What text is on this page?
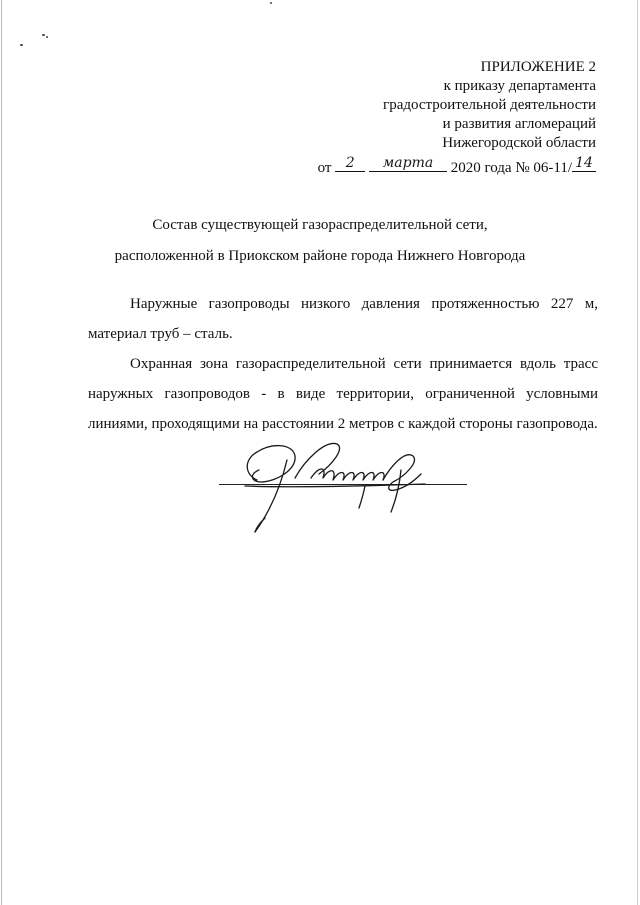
ПРИЛОЖЕНИЕ 2
к приказу департамента
градостроительной деятельности
и развития агломераций
Нижегородской области
от	2
	марта	2020 года № 06-11/ 14
Состав существующей газораспределительной сети,
расположенной в Приокском районе города Нижнего Новгорода

Наружные газопроводы низкого давления протяженностью 227 м, материал труб – сталь.

Охранная зона газораспределительной сети принимается вдоль трасс наружных газопроводов - в виде территории, ограниченной условными линиями, проходящими на расстоянии 2 метров с каждой стороны газопровода.
